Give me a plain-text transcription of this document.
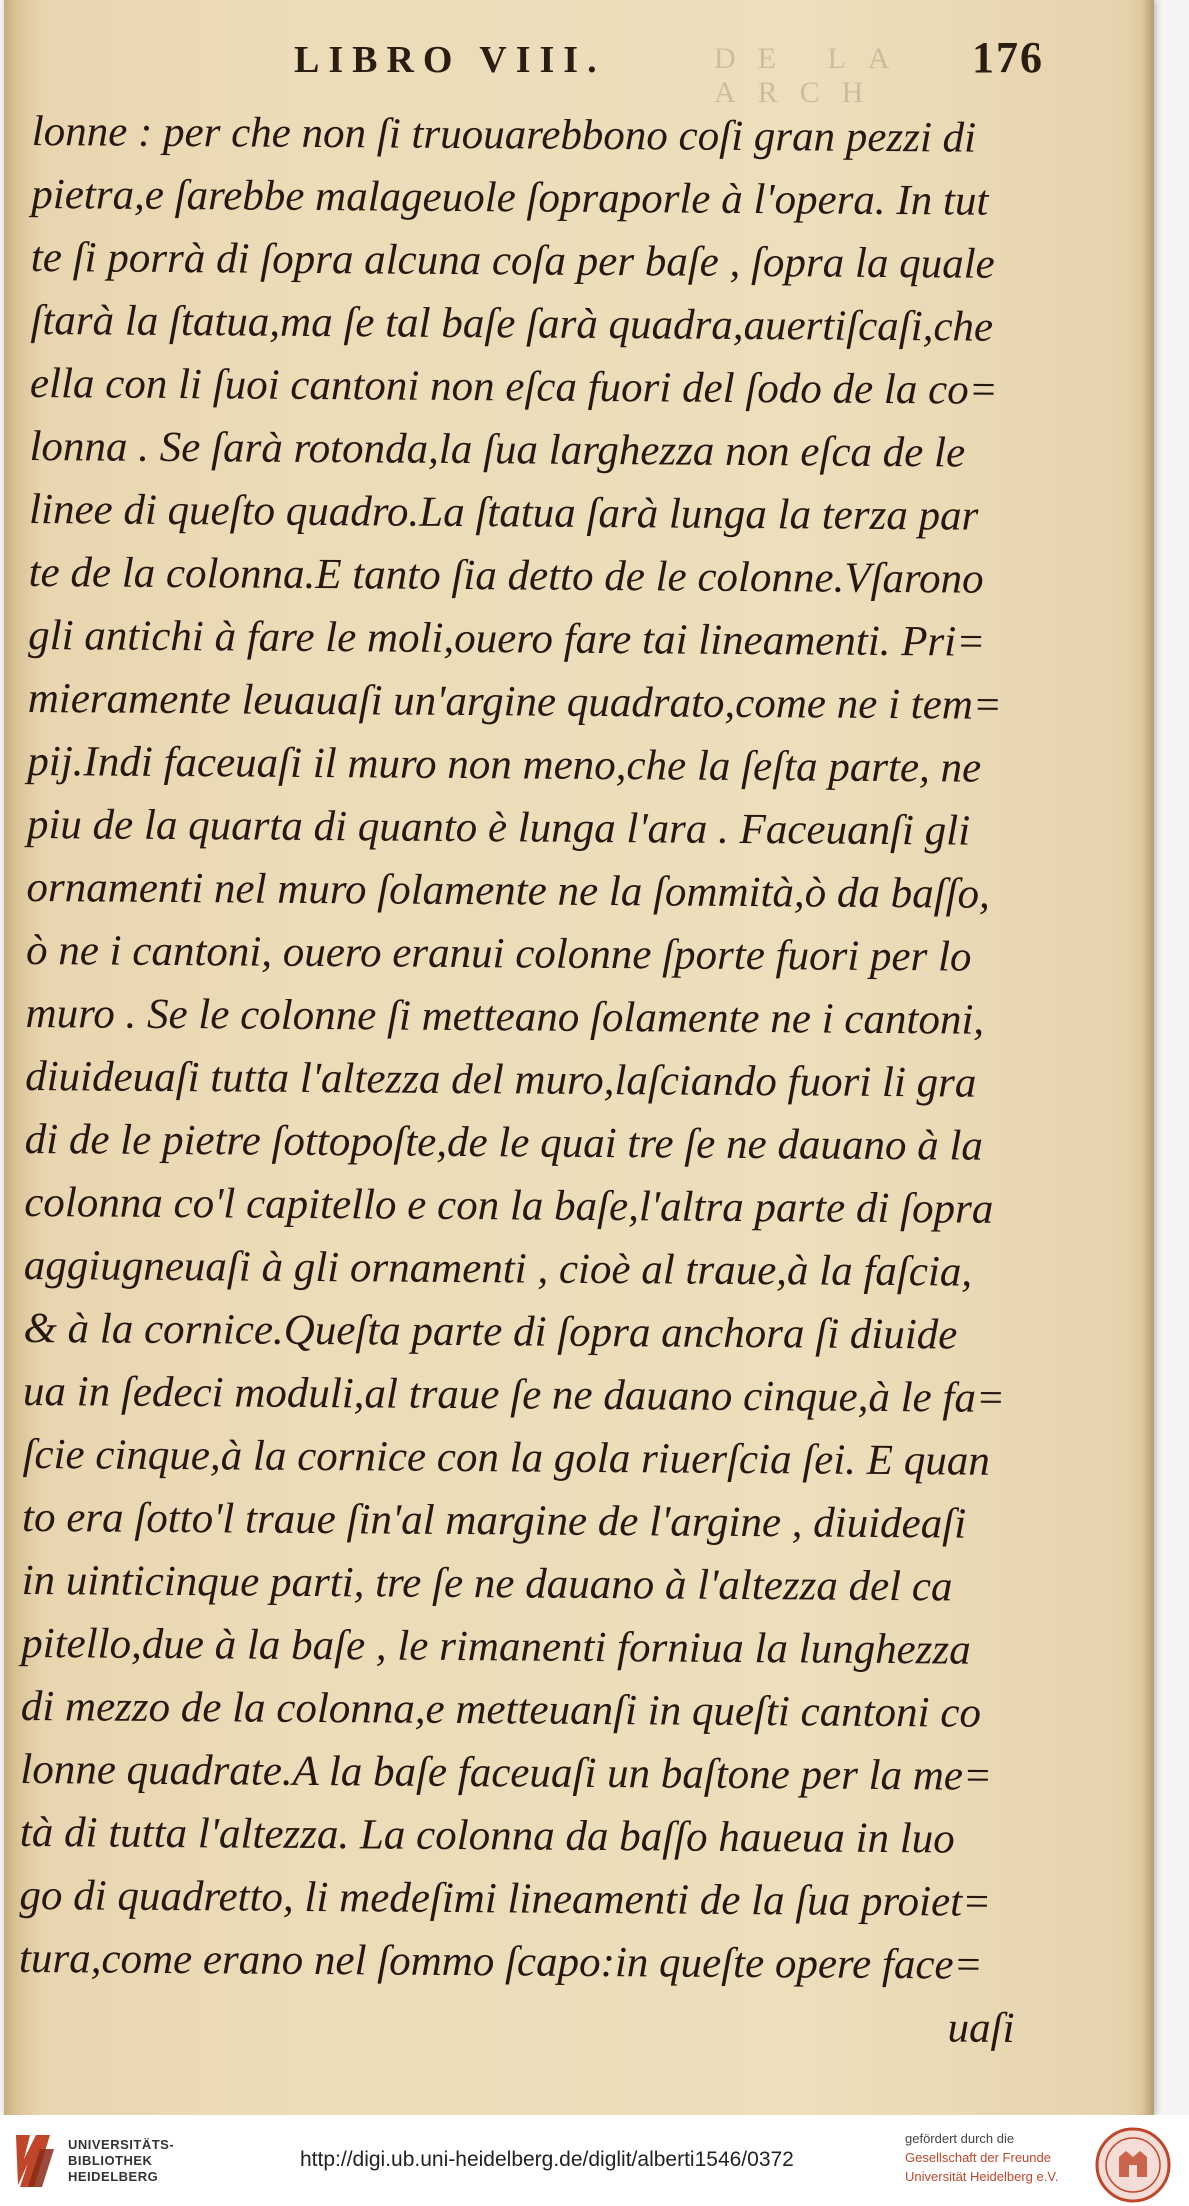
LIBRO VIII.	DE LA ARCH
176
lonne : per che non ſi truouarebbono coſi gran pezzi di
pietra,e ſarebbe malageuole ſopraporle à l'opera. In tut
te ſi porrà di ſopra alcuna coſa per baſe , ſopra la quale
ſtarà la ſtatua,ma ſe tal baſe ſarà quadra,auertiſcaſi,che
ella con li ſuoi cantoni non eſca fuori del ſodo de la co=
lonna . Se ſarà rotonda,la ſua larghezza non eſca de le
linee di queſto quadro.La ſtatua ſarà lunga la terza par
te de la colonna.E tanto ſia detto de le colonne.Vſarono
gli antichi à fare le moli,ouero fare tai lineamenti. Pri=
mieramente leuauaſi un'argine quadrato,come ne i tem=
pij.Indi faceuaſi il muro non meno,che la ſeſta parte, ne
piu de la quarta di quanto è lunga l'ara . Faceuanſi gli
ornamenti nel muro ſolamente ne la ſommità,ò da baſſo,
ò ne i cantoni, ouero eranui colonne ſporte fuori per lo
muro . Se le colonne ſi metteano ſolamente ne i cantoni,
diuideuaſi tutta l'altezza del muro,laſciando fuori li gra
di de le pietre ſottopoſte,de le quai tre ſe ne dauano à la
colonna co'l capitello e con la baſe,l'altra parte di ſopra
aggiugneuaſi à gli ornamenti , cioè al traue,à la faſcia,
& à la cornice.Queſta parte di ſopra anchora ſi diuide
ua in ſedeci moduli,al traue ſe ne dauano cinque,à le fa=
ſcie cinque,à la cornice con la gola riuerſcia ſei. E quan
to era ſotto'l traue ſin'al margine de l'argine , diuideaſi
in uinticinque parti, tre ſe ne dauano à l'altezza del ca
pitello,due à la baſe , le rimanenti forniua la lunghezza
di mezzo de la colonna,e metteuanſi in queſti cantoni co
lonne quadrate.A la baſe faceuaſi un baſtone per la me=
tà di tutta l'altezza. La colonna da baſſo haueua in luo
go di quadretto, li medeſimi lineamenti de la ſua proiet=
tura,come erano nel ſommo ſcapo:in queſte opere face=
uaſi
UNIVERSITÄTS-
BIBLIOTHEK
HEIDELBERG
http://digi.ub.uni-heidelberg.de/diglit/alberti1546/0372
gefördert durch die
Gesellschaft der Freunde
Universität Heidelberg e.V.
